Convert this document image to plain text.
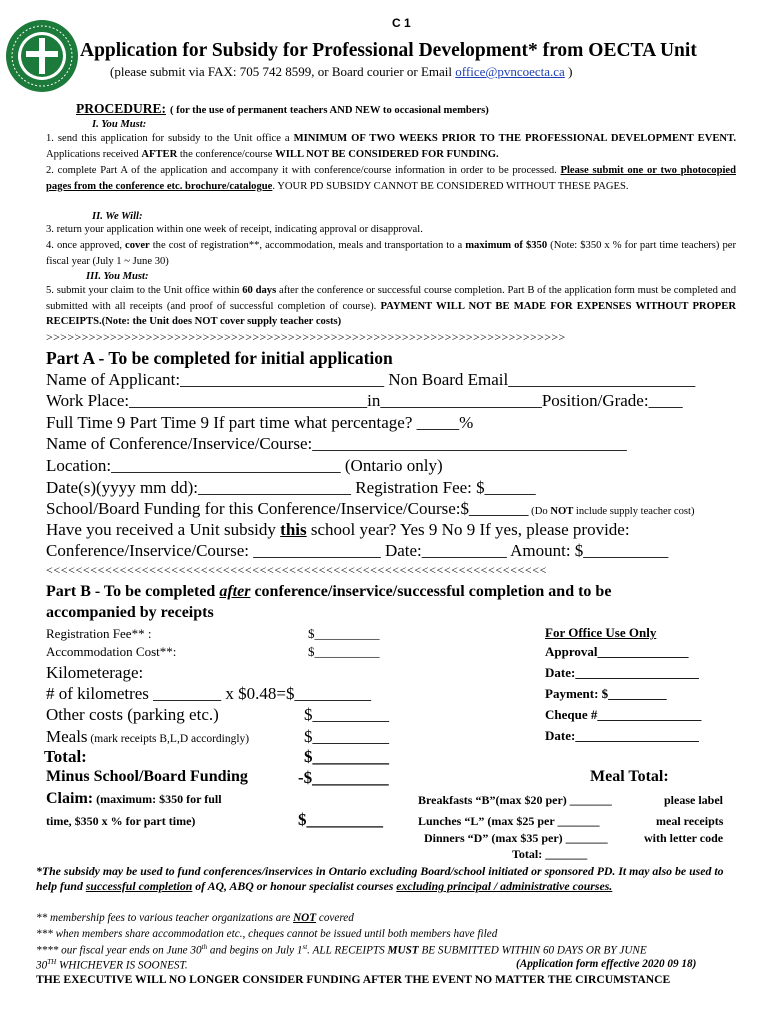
C 1
Application for Subsidy for Professional Development* from OECTA Unit
(please submit via FAX: 705 742 8599, or Board courier or Email office@pvncoecta.ca )
PROCEDURE: ( for the use of permanent teachers AND NEW to occasional members)
I. You Must:
1. send this application for subsidy to the Unit office a MINIMUM OF TWO WEEKS PRIOR TO THE PROFESSIONAL DEVELOPMENT EVENT. Applications received AFTER the conference/course WILL NOT BE CONSIDERED FOR FUNDING.
2. complete Part A of the application and accompany it with conference/course information in order to be processed. Please submit one or two photocopied pages from the conference etc. brochure/catalogue. YOUR PD SUBSIDY CANNOT BE CONSIDERED WITHOUT THESE PAGES.
II. We Will:
3. return your application within one week of receipt, indicating approval or disapproval.
4. once approved, cover the cost of registration**, accommodation, meals and transportation to a maximum of $350 (Note: $350 x % for part time teachers) per fiscal year (July 1 ~ June 30)
III. You Must:
5. submit your claim to the Unit office within 60 days after the conference or successful course completion. Part B of the application form must be completed and submitted with all receipts (and proof of successful completion of course). PAYMENT WILL NOT BE MADE FOR EXPENSES WITHOUT PROPER RECEIPTS.(Note: the Unit does NOT cover supply teacher costs)
>>>>>>>>>>>>>>>>>>>>>>>>>>>>>>>>>>>>>>>>>>>>>>>>>>>>>>>>>>>>>>>>>>>>>>>>>
Part A - To be completed for initial application
Name of Applicant:________________________ Non Board Email______________________
Work Place:____________________________in___________________Position/Grade:____
Full Time 9 Part Time 9 If part time what percentage? _____%
Name of Conference/Inservice/Course:_____________________________________
Location:___________________________ (Ontario only)
Date(s)(yyyy mm dd):__________________ Registration Fee: $______
School/Board Funding for this Conference/Inservice/Course:$_______ (Do NOT include supply teacher cost)
Have you received a Unit subsidy this school year? Yes 9 No 9 If yes, please provide:
Conference/Inservice/Course: _______________ Date:__________ Amount: $__________
<<<<<<<<<<<<<<<<<<<<<<<<<<<<<<<<<<<<<<<<<<<<<<<<<<<<<<<<<<<<<<<<<<<<
Part B - To be completed after conference/inservice/successful completion and to be
accompanied by receipts
Registration Fee** :	$__________
Accommodation Cost**:	$__________
Kilometerage:
# of kilometres ________ x $0.48=$_________
Other costs (parking etc.)	$_________
Meals (mark receipts B,L,D accordingly)	$_________
Total:	$_________
Minus School/Board Funding	-$_________
Claim: (maximum: $350 for full
time, $350 x % for part time)	$_________
For Office Use Only
Approval______________
Date:___________________
Payment: $_________
Cheque #________________
Date:___________________
Meal Total:
Breakfasts “B”(max $20 per) _______	please label
Lunches “L” (max $25 per _______	meal receipts
Dinners “D” (max $35 per) _______	with letter code
Total: _______
*The subsidy may be used to fund conferences/inservices in Ontario excluding Board/school initiated or sponsored PD. It may also be used to help fund successful completion of AQ, ABQ or honour specialist courses excluding principal / administrative courses.
** membership fees to various teacher organizations are NOT covered
*** when members share accommodation etc., cheques cannot be issued until both members have filed
**** our fiscal year ends on June 30th and begins on July 1st. ALL RECEIPTS MUST BE SUBMITTED WITHIN 60 DAYS OR BY JUNE
30TH WHICHEVER IS SOONEST.	(Application form effective 2020 09 18)
THE EXECUTIVE WILL NO LONGER CONSIDER FUNDING AFTER THE EVENT NO MATTER THE CIRCUMSTANCE
